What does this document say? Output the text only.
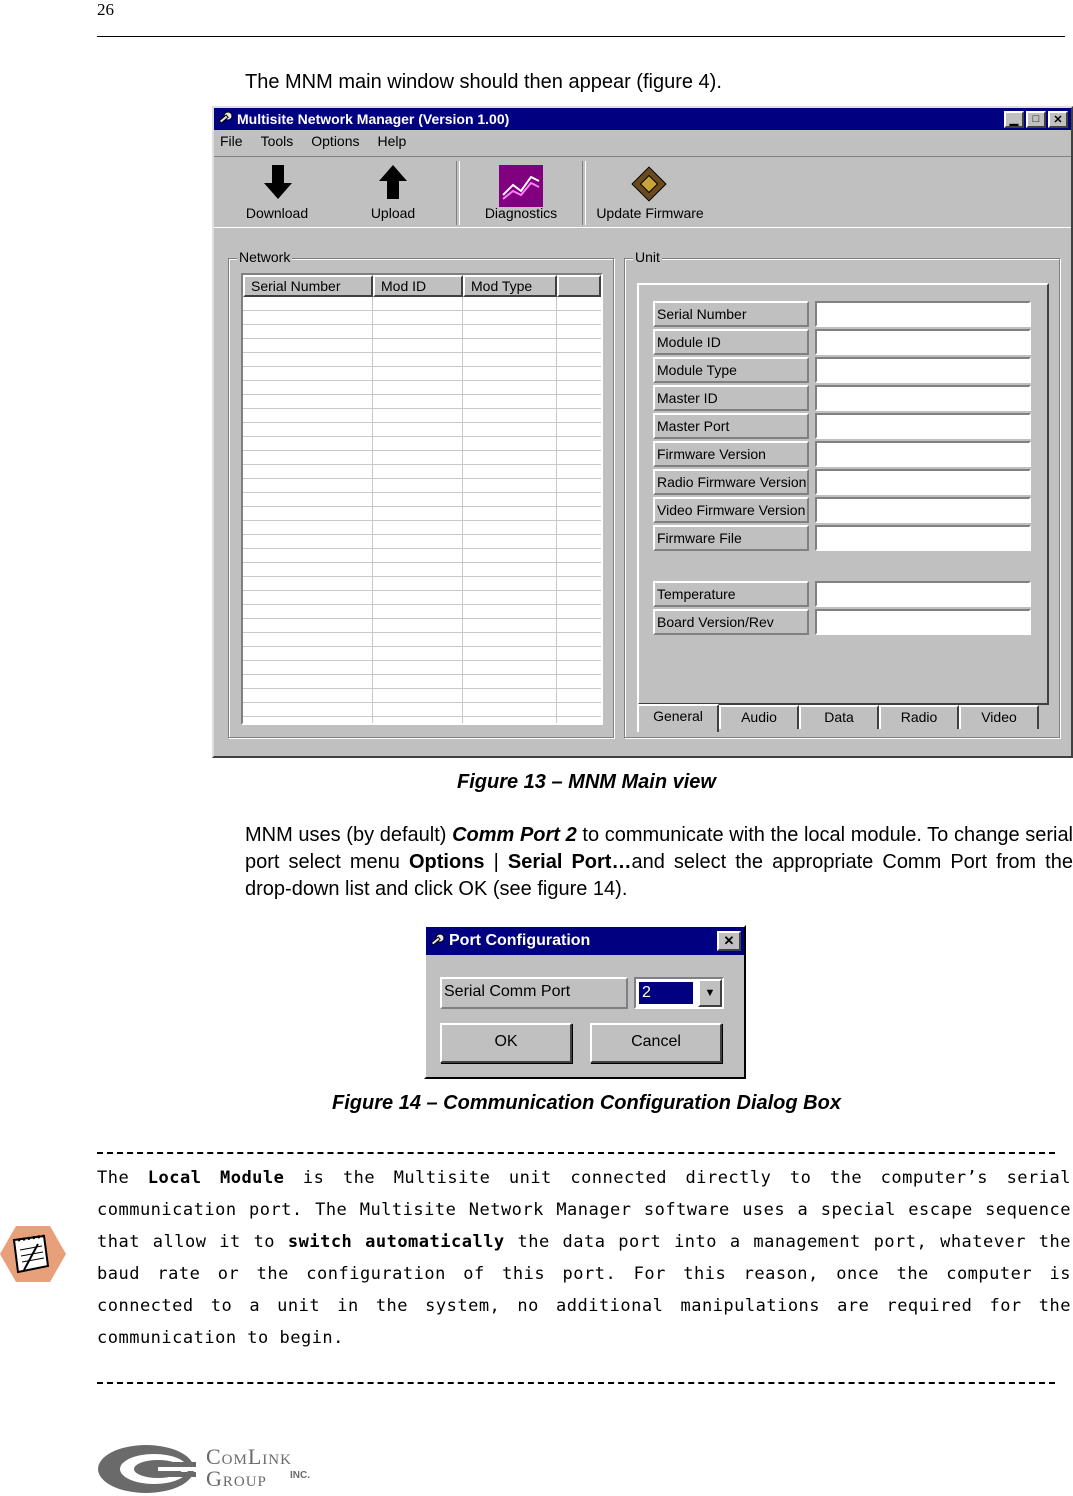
26
The MNM main window should then appear (figure 4).
Multisite Network Manager (Version 1.00)	▁	□	✕
File Tools Options Help
Download	Upload	Diagnostics	Update Firmware
Network
Serial Number	Mod ID	Mod Type
Unit
Serial Number
Module ID
Module Type
Master ID
Master Port
Firmware Version
Radio Firmware Version
Video Firmware Version
Firmware File
Temperature
Board Version/Rev
General	Audio	Data	Radio	Video
Figure 13 – MNM Main view
MNM uses (by default) Comm Port 2 to communicate with the local module. To change serial port select menu Options | Serial Port…and select the appropriate Comm Port from the drop-down list and click OK (see figure 14).
Port Configuration	✕
Serial Comm Port	2	▼
OK	Cancel
Figure 14 – Communication Configuration Dialog Box
The Local Module is the Multisite unit connected directly to the computer’s serial communication port. The Multisite Network Manager software uses a special escape sequence that allow it to switch automatically the data port into a management port, whatever the baud rate or the configuration of this port. For this reason, once the computer is connected to a unit in the system, no additional manipulations are required for the communication to begin.
ComLink
Group INC.
